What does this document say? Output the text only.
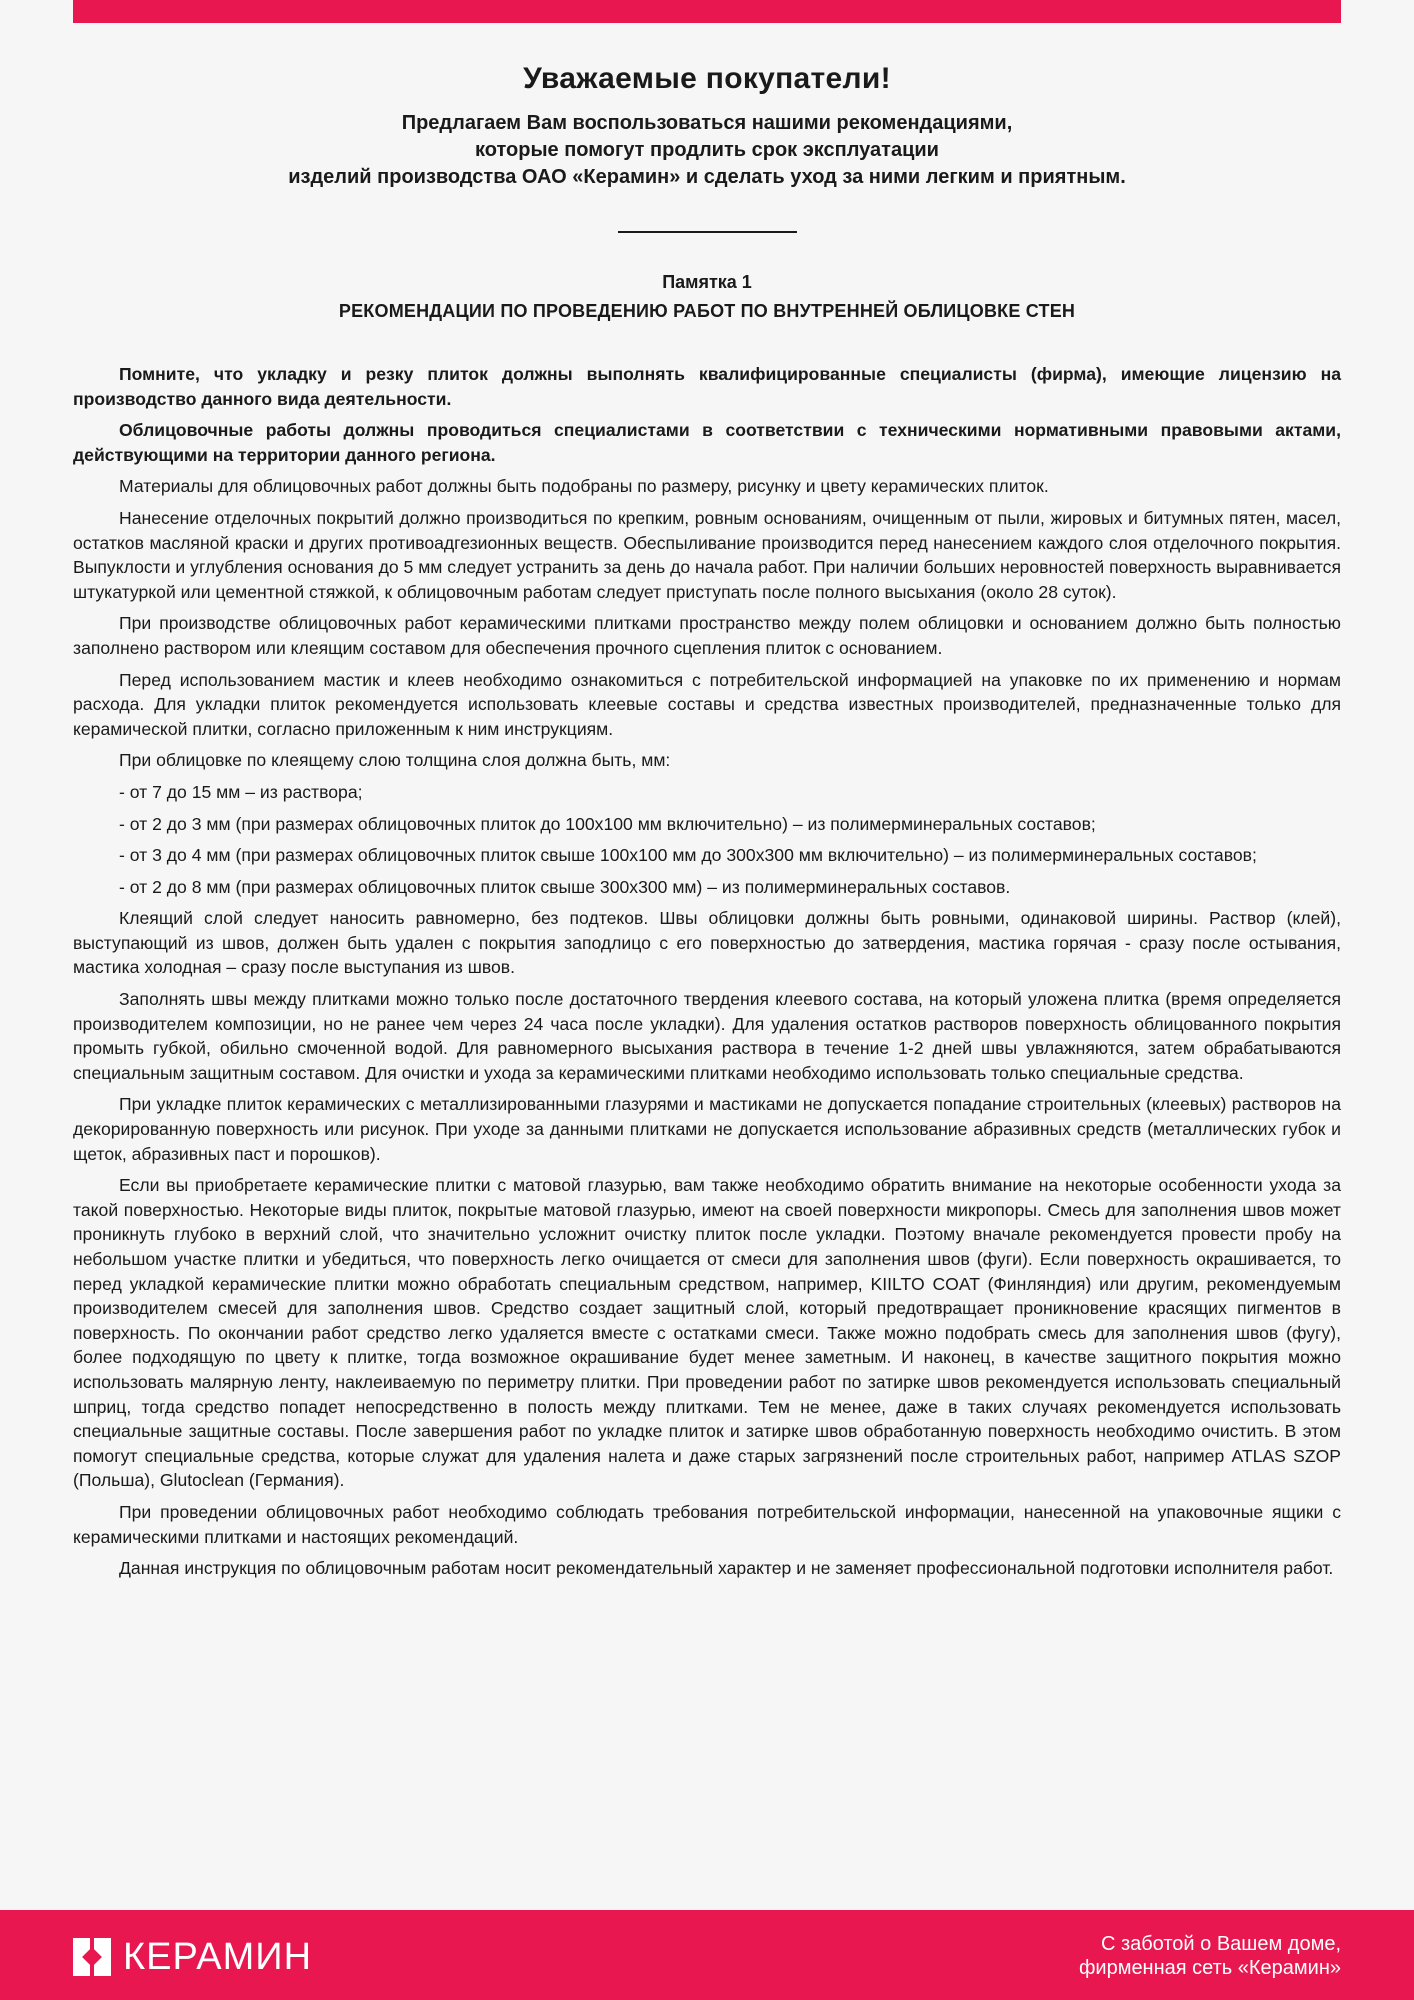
Уважаемые покупатели!
Предлагаем Вам воспользоваться нашими рекомендациями,
которые помогут продлить срок эксплуатации
изделий производства ОАО «Керамин» и сделать уход за ними легким и приятным.
Памятка 1
РЕКОМЕНДАЦИИ ПО ПРОВЕДЕНИЮ РАБОТ ПО ВНУТРЕННЕЙ ОБЛИЦОВКЕ СТЕН

Помните, что укладку и резку плиток должны выполнять квалифицированные специалисты (фирма), имеющие лицензию на производство данного вида деятельности.

Облицовочные работы должны проводиться специалистами в соответствии с техническими нормативными правовыми актами, действующими на территории данного региона.

Материалы для облицовочных работ должны быть подобраны по размеру, рисунку и цвету керамических плиток.

Нанесение отделочных покрытий должно производиться по крепким, ровным основаниям, очищенным от пыли, жировых и битумных пятен, масел, остатков масляной краски и других противоадгезионных веществ. Обеспыливание производится перед нанесением каждого слоя отделочного покрытия. Выпуклости и углубления основания до 5 мм следует устранить за день до начала работ. При наличии больших неровностей поверхность выравнивается штукатуркой или цементной стяжкой, к облицовочным работам следует приступать после полного высыхания (около 28 суток).

При производстве облицовочных работ керамическими плитками пространство между полем облицовки и основанием должно быть полностью заполнено раствором или клеящим составом для обеспечения прочного сцепления плиток с основанием.

Перед использованием мастик и клеев необходимо ознакомиться с потребительской информацией на упаковке по их применению и нормам расхода. Для укладки плиток рекомендуется использовать клеевые составы и средства известных производителей, предназначенные только для керамической плитки, согласно приложенным к ним инструкциям.

При облицовке по клеящему слою толщина слоя должна быть, мм:

- от 7 до 15 мм – из раствора;

- от 2 до 3 мм (при размерах облицовочных плиток до 100х100 мм включительно) – из полимерминеральных составов;

- от 3 до 4 мм (при размерах облицовочных плиток свыше 100х100 мм до 300х300 мм включительно) – из полимерминеральных составов;

- от 2 до 8 мм (при размерах облицовочных плиток свыше 300х300 мм) – из полимерминеральных составов.

Клеящий слой следует наносить равномерно, без подтеков. Швы облицовки должны быть ровными, одинаковой ширины. Раствор (клей), выступающий из швов, должен быть удален с покрытия заподлицо с его поверхностью до затвердения, мастика горячая - сразу после остывания, мастика холодная – сразу после выступания из швов.

Заполнять швы между плитками можно только после достаточного твердения клеевого состава, на который уложена плитка (время определяется производителем композиции, но не ранее чем через 24 часа после укладки). Для удаления остатков растворов поверхность облицованного покрытия промыть губкой, обильно смоченной водой. Для равномерного высыхания раствора в течение 1-2 дней швы увлажняются, затем обрабатываются специальным защитным составом. Для очистки и ухода за керамическими плитками необходимо использовать только специальные средства.

При укладке плиток керамических с металлизированными глазурями и мастиками не допускается попадание строительных (клеевых) растворов на декорированную поверхность или рисунок. При уходе за данными плитками не допускается использование абразивных средств (металлических губок и щеток, абразивных паст и порошков).

Если вы приобретаете керамические плитки с матовой глазурью, вам также необходимо обратить внимание на некоторые особенности ухода за такой поверхностью. Некоторые виды плиток, покрытые матовой глазурью, имеют на своей поверхности микропоры. Смесь для заполнения швов может проникнуть глубоко в верхний слой, что значительно усложнит очистку плиток после укладки. Поэтому вначале рекомендуется провести пробу на небольшом участке плитки и убедиться, что поверхность легко очищается от смеси для заполнения швов (фуги). Если поверхность окрашивается, то перед укладкой керамические плитки можно обработать специальным средством, например, KIILTO COAT (Финляндия) или другим, рекомендуемым производителем смесей для заполнения швов. Средство создает защитный слой, который предотвращает проникновение красящих пигментов в поверхность. По окончании работ средство легко удаляется вместе с остатками смеси. Также можно подобрать смесь для заполнения швов (фугу), более подходящую по цвету к плитке, тогда возможное окрашивание будет менее заметным. И наконец, в качестве защитного покрытия можно использовать малярную ленту, наклеиваемую по периметру плитки. При проведении работ по затирке швов рекомендуется использовать специальный шприц, тогда средство попадет непосредственно в полость между плитками. Тем не менее, даже в таких случаях рекомендуется использовать специальные защитные составы. После завершения работ по укладке плиток и затирке швов обработанную поверхность необходимо очистить. В этом помогут специальные средства, которые служат для удаления налета и даже старых загрязнений после строительных работ, например ATLAS SZOP (Польша), Glutoclean (Германия).

При проведении облицовочных работ необходимо соблюдать требования потребительской информации, нанесенной на упаковочные ящики с керамическими плитками и настоящих рекомендаций.

Данная инструкция по облицовочным работам носит рекомендательный характер и не заменяет профессиональной подготовки исполнителя работ.

КЕРАМИН	С заботой о Вашем доме,
фирменная сеть «Керамин»
